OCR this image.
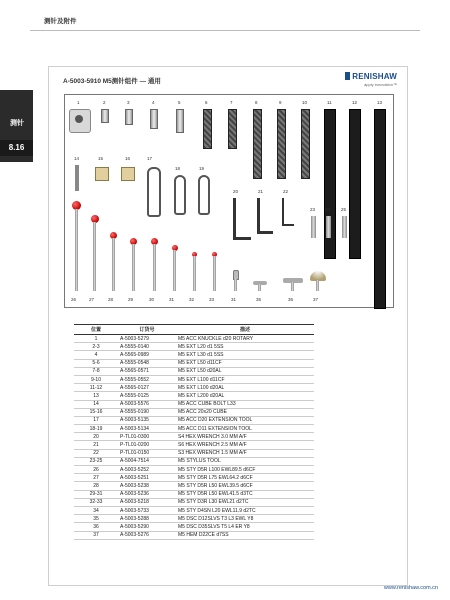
测针及附件
测针
8.16
A-5003-5910 M5测针组件 — 通用
RENISHAW
apply innovation™
1	2	3	4	5	6	7	8	9	10	11	12	13
14	15	16	17
18	19
20	21	22
23 24 25
26	27	28	29	30	31	32	33	31	35	36	37
位置	订货号	描述
1	A-5003-5279	M5 ACC KNUCKLE d20 ROTARY
2-3	A-5555-0140	M5 EXT L20 d1 5SS
4	A-5565-0989	M5 EXT L30 d1 5SS
5-6	A-5555-0548	M5 EXT L50 d11CF
7-8	A-5565-0571	M5 EXT L50 d20AL
9-10	A-5555-0552	M5 EXT L100 d11CF
11-12	A-5565-0127	M5 EXT L100 d20AL
13	A-5555-0125	M5 EXT L200 d20AL
14	A-5003-5576	M5 ACC CUBE BOLT L33
15-16	A-5555-0190	M5 ACC 20x20 CUBE
17	A-5003-5135	M5 ACC D20 EXTENSION TOOL
18-19	A-5003-5134	M5 ACC D11 EXTENSION TOOL
20	P-TL01-0300	S4 HEX WRENCH 3.0 MM A/F
21	P-TL01-0200	S6 HEX WRENCH 2.5 MM A/F
22	P-TL01-0150	S3 HEX WRENCH 1.5 MM A/F
23-25	A-5004-7514	M5 STYLUS TOOL
26	A-5003-5252	M5 STY D5R L100 EWL89.5 d6CF
27	A-5003-5251	M5 STY D5R L75 EWL64.2 d6CF
28	A-5003-5238	M5 STY D5R L50 EWL39.5 d6CF
29-31	A-5003-5236	M5 STY D5R L50 EWL41.5 d3TC
32-33	A-5003-5218	M5 STY D3R L30 EWL21 d2TC
34	A-5003-5733	M5 STY D4SN L20 EWL11.9 d2TC
35	A-5003-5288	M5 DSC D12SLVS T3 L3 EWL Y8
36	A-5003-5290	M5 DSC D35SLVS T5 L4 ER Y8
37	A-5003-5276	M5 HEM D22CE d7SS
www.renishaw.com.cn
